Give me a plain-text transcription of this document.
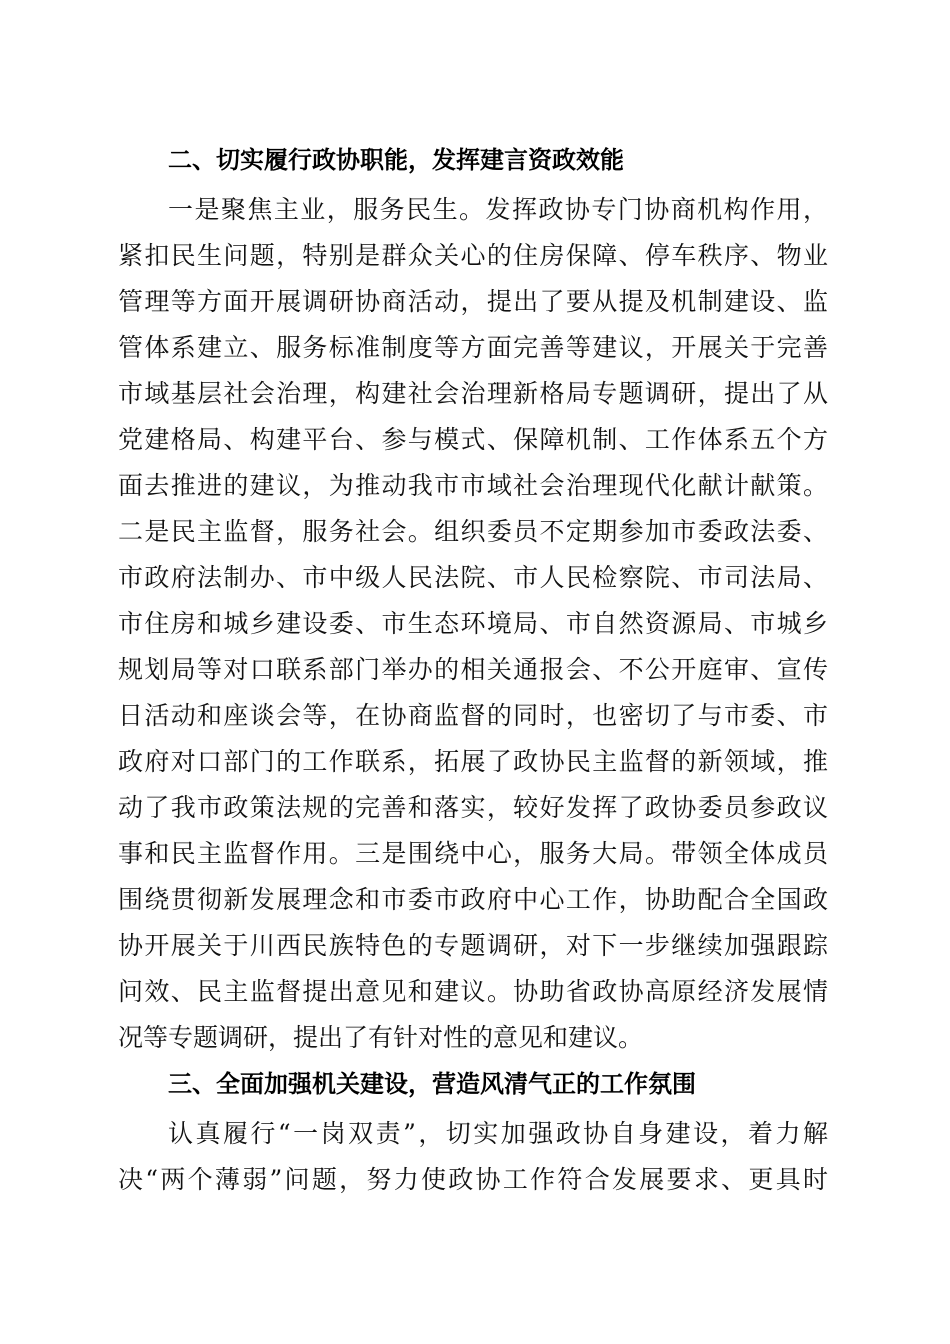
二、切实履行政协职能，发挥建言资政效能
一是聚焦主业，服务民生。发挥政协专门协商机构作用，
紧扣民生问题，特别是群众关心的住房保障、停车秩序、物业
管理等方面开展调研协商活动，提出了要从提及机制建设、监
管体系建立、服务标准制度等方面完善等建议，开展关于完善
市域基层社会治理，构建社会治理新格局专题调研，提出了从
党建格局、构建平台、参与模式、保障机制、工作体系五个方
面去推进的建议，为推动我市市域社会治理现代化献计献策。
二是民主监督，服务社会。组织委员不定期参加市委政法委、
市政府法制办、市中级人民法院、市人民检察院、市司法局、
市住房和城乡建设委、市生态环境局、市自然资源局、市城乡
规划局等对口联系部门举办的相关通报会、不公开庭审、宣传
日活动和座谈会等，在协商监督的同时，也密切了与市委、市
政府对口部门的工作联系，拓展了政协民主监督的新领域，推
动了我市政策法规的完善和落实，较好发挥了政协委员参政议
事和民主监督作用。三是围绕中心，服务大局。带领全体成员
围绕贯彻新发展理念和市委市政府中心工作，协助配合全国政
协开展关于川西民族特色的专题调研，对下一步继续加强跟踪
问效、民主监督提出意见和建议。协助省政协高原经济发展情
况等专题调研，提出了有针对性的意见和建议。
三、全面加强机关建设，营造风清气正的工作氛围
认真履行“一岗双责”，切实加强政协自身建设，着力解
决“两个薄弱”问题，努力使政协工作符合发展要求、更具时
